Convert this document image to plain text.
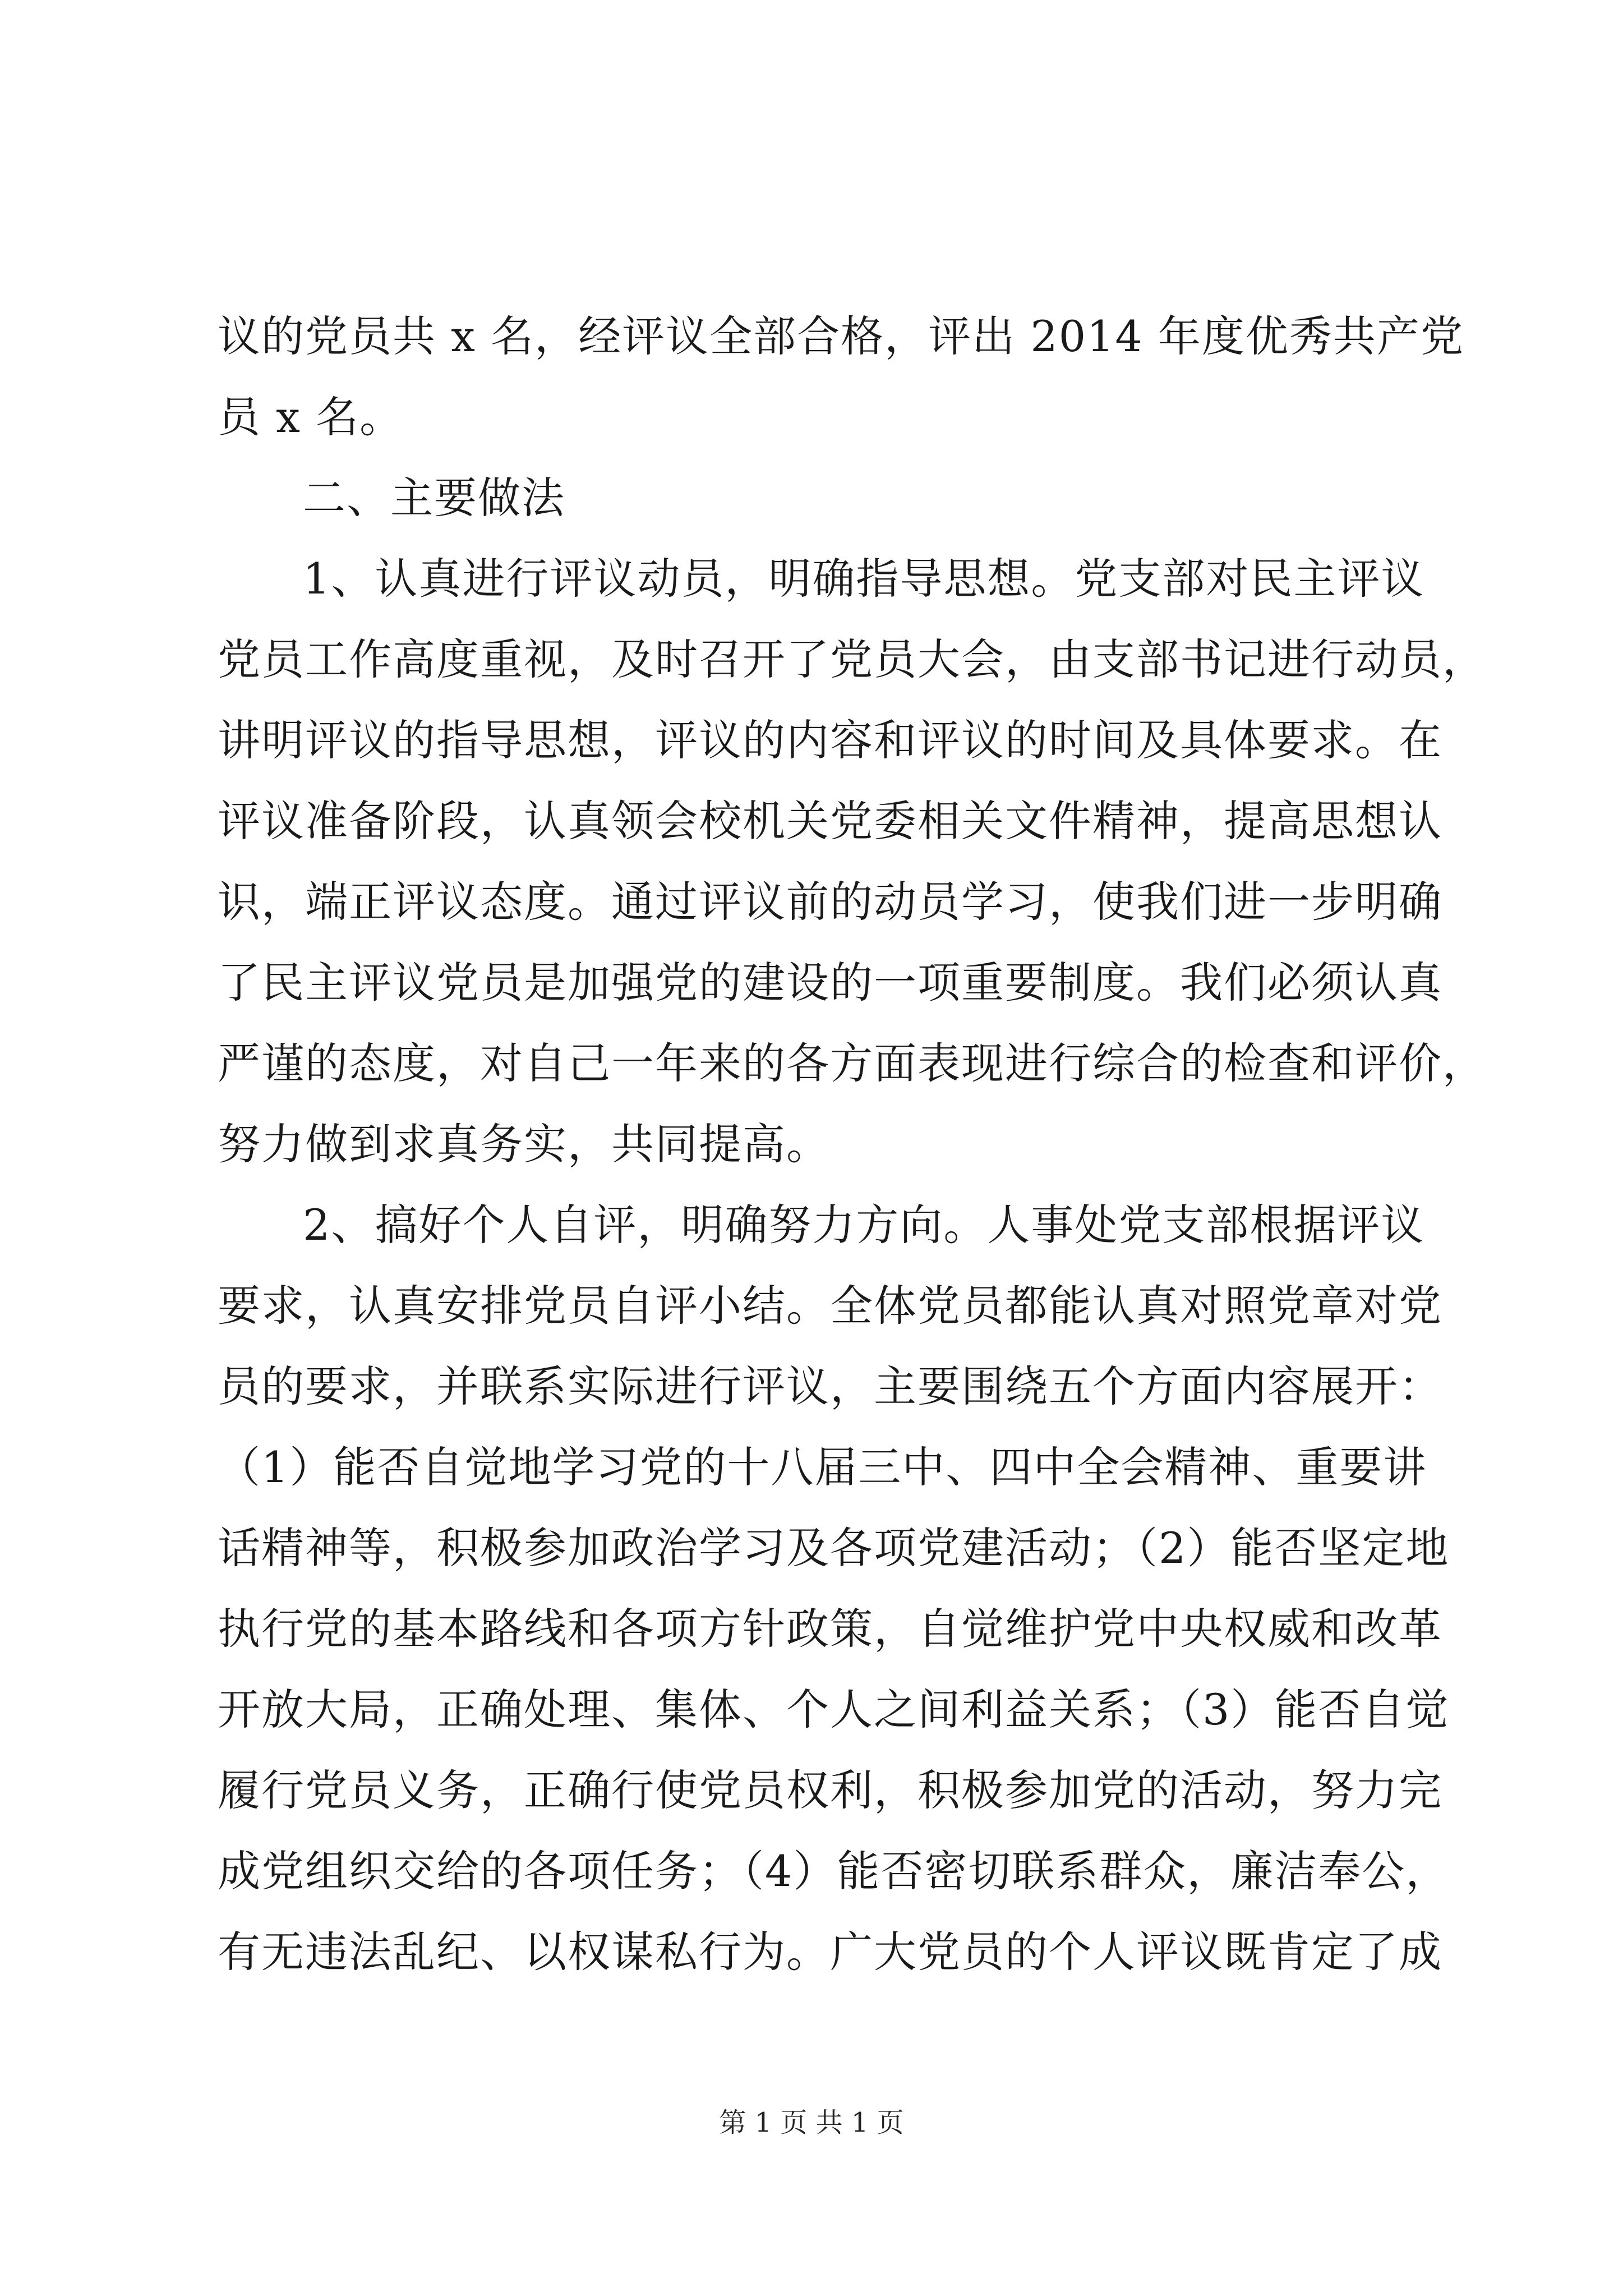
议的党员共 x 名，经评议全部合格，评出 2014 年度优秀共产党
员 x 名。
二、主要做法
1、认真进行评议动员，明确指导思想。党支部对民主评议
党员工作高度重视，及时召开了党员大会，由支部书记进行动员，
讲明评议的指导思想，评议的内容和评议的时间及具体要求。在
评议准备阶段，认真领会校机关党委相关文件精神，提高思想认
识，端正评议态度。通过评议前的动员学习，使我们进一步明确
了民主评议党员是加强党的建设的一项重要制度。我们必须认真
严谨的态度，对自己一年来的各方面表现进行综合的检查和评价，
努力做到求真务实，共同提高。
2、搞好个人自评，明确努力方向。人事处党支部根据评议
要求，认真安排党员自评小结。全体党员都能认真对照党章对党
员的要求，并联系实际进行评议，主要围绕五个方面内容展开：
（1）能否自觉地学习党的十八届三中、四中全会精神、重要讲
话精神等，积极参加政治学习及各项党建活动；（2）能否坚定地
执行党的基本路线和各项方针政策，自觉维护党中央权威和改革
开放大局，正确处理、集体、个人之间利益关系；（3）能否自觉
履行党员义务，正确行使党员权利，积极参加党的活动，努力完
成党组织交给的各项任务；（4）能否密切联系群众，廉洁奉公，
有无违法乱纪、以权谋私行为。广大党员的个人评议既肯定了成
第 1 页 共 1 页
